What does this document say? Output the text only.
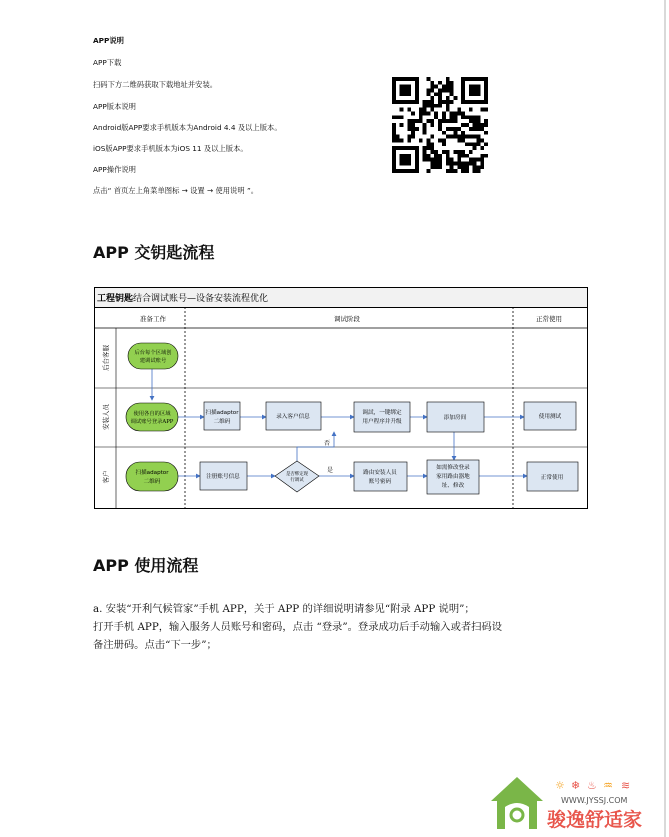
APP说明
APP下载
扫码下方二维码获取下载地址并安装。
APP版本说明
Android版APP要求手机版本为Android 4.4 及以上版本。
iOS版APP要求手机版本为iOS 11 及以上版本。
APP操作说明
点击“ 首页左上角菜单图标 → 设置 → 使用说明 ”。
APP 交钥匙流程
工程钥匙结合调试账号—设备安装流程优化
准备工作	调试阶段	正常使用
后台客服
安装人员
客户
否
是
后台每个区域创
建调试账号
使用各自的区域
调试账号登录APP
扫描adaptor
二维码
录入客户信息
调試，一键绑定
用户程序并升级
添加房间	使用测试
扫描adaptor
二维码
注册账号信息	是否绑定现
行调试
路由安装人员
账号密码
如需修改登录
家用路由器地
址、修改
正常使用
APP 使用流程
a. 安装“开利气候管家”手机 APP，关于 APP 的详细说明请参见“附录 APP 说明”；
打开手机 APP，输入服务人员账号和密码，点击 “登录”。登录成功后手动输入或者扫码设
备注册码。点击“下一步”；
☼ ❄ ♨ ♒ ≋
WWW.JYSSJ.COM
骏逸舒适家
